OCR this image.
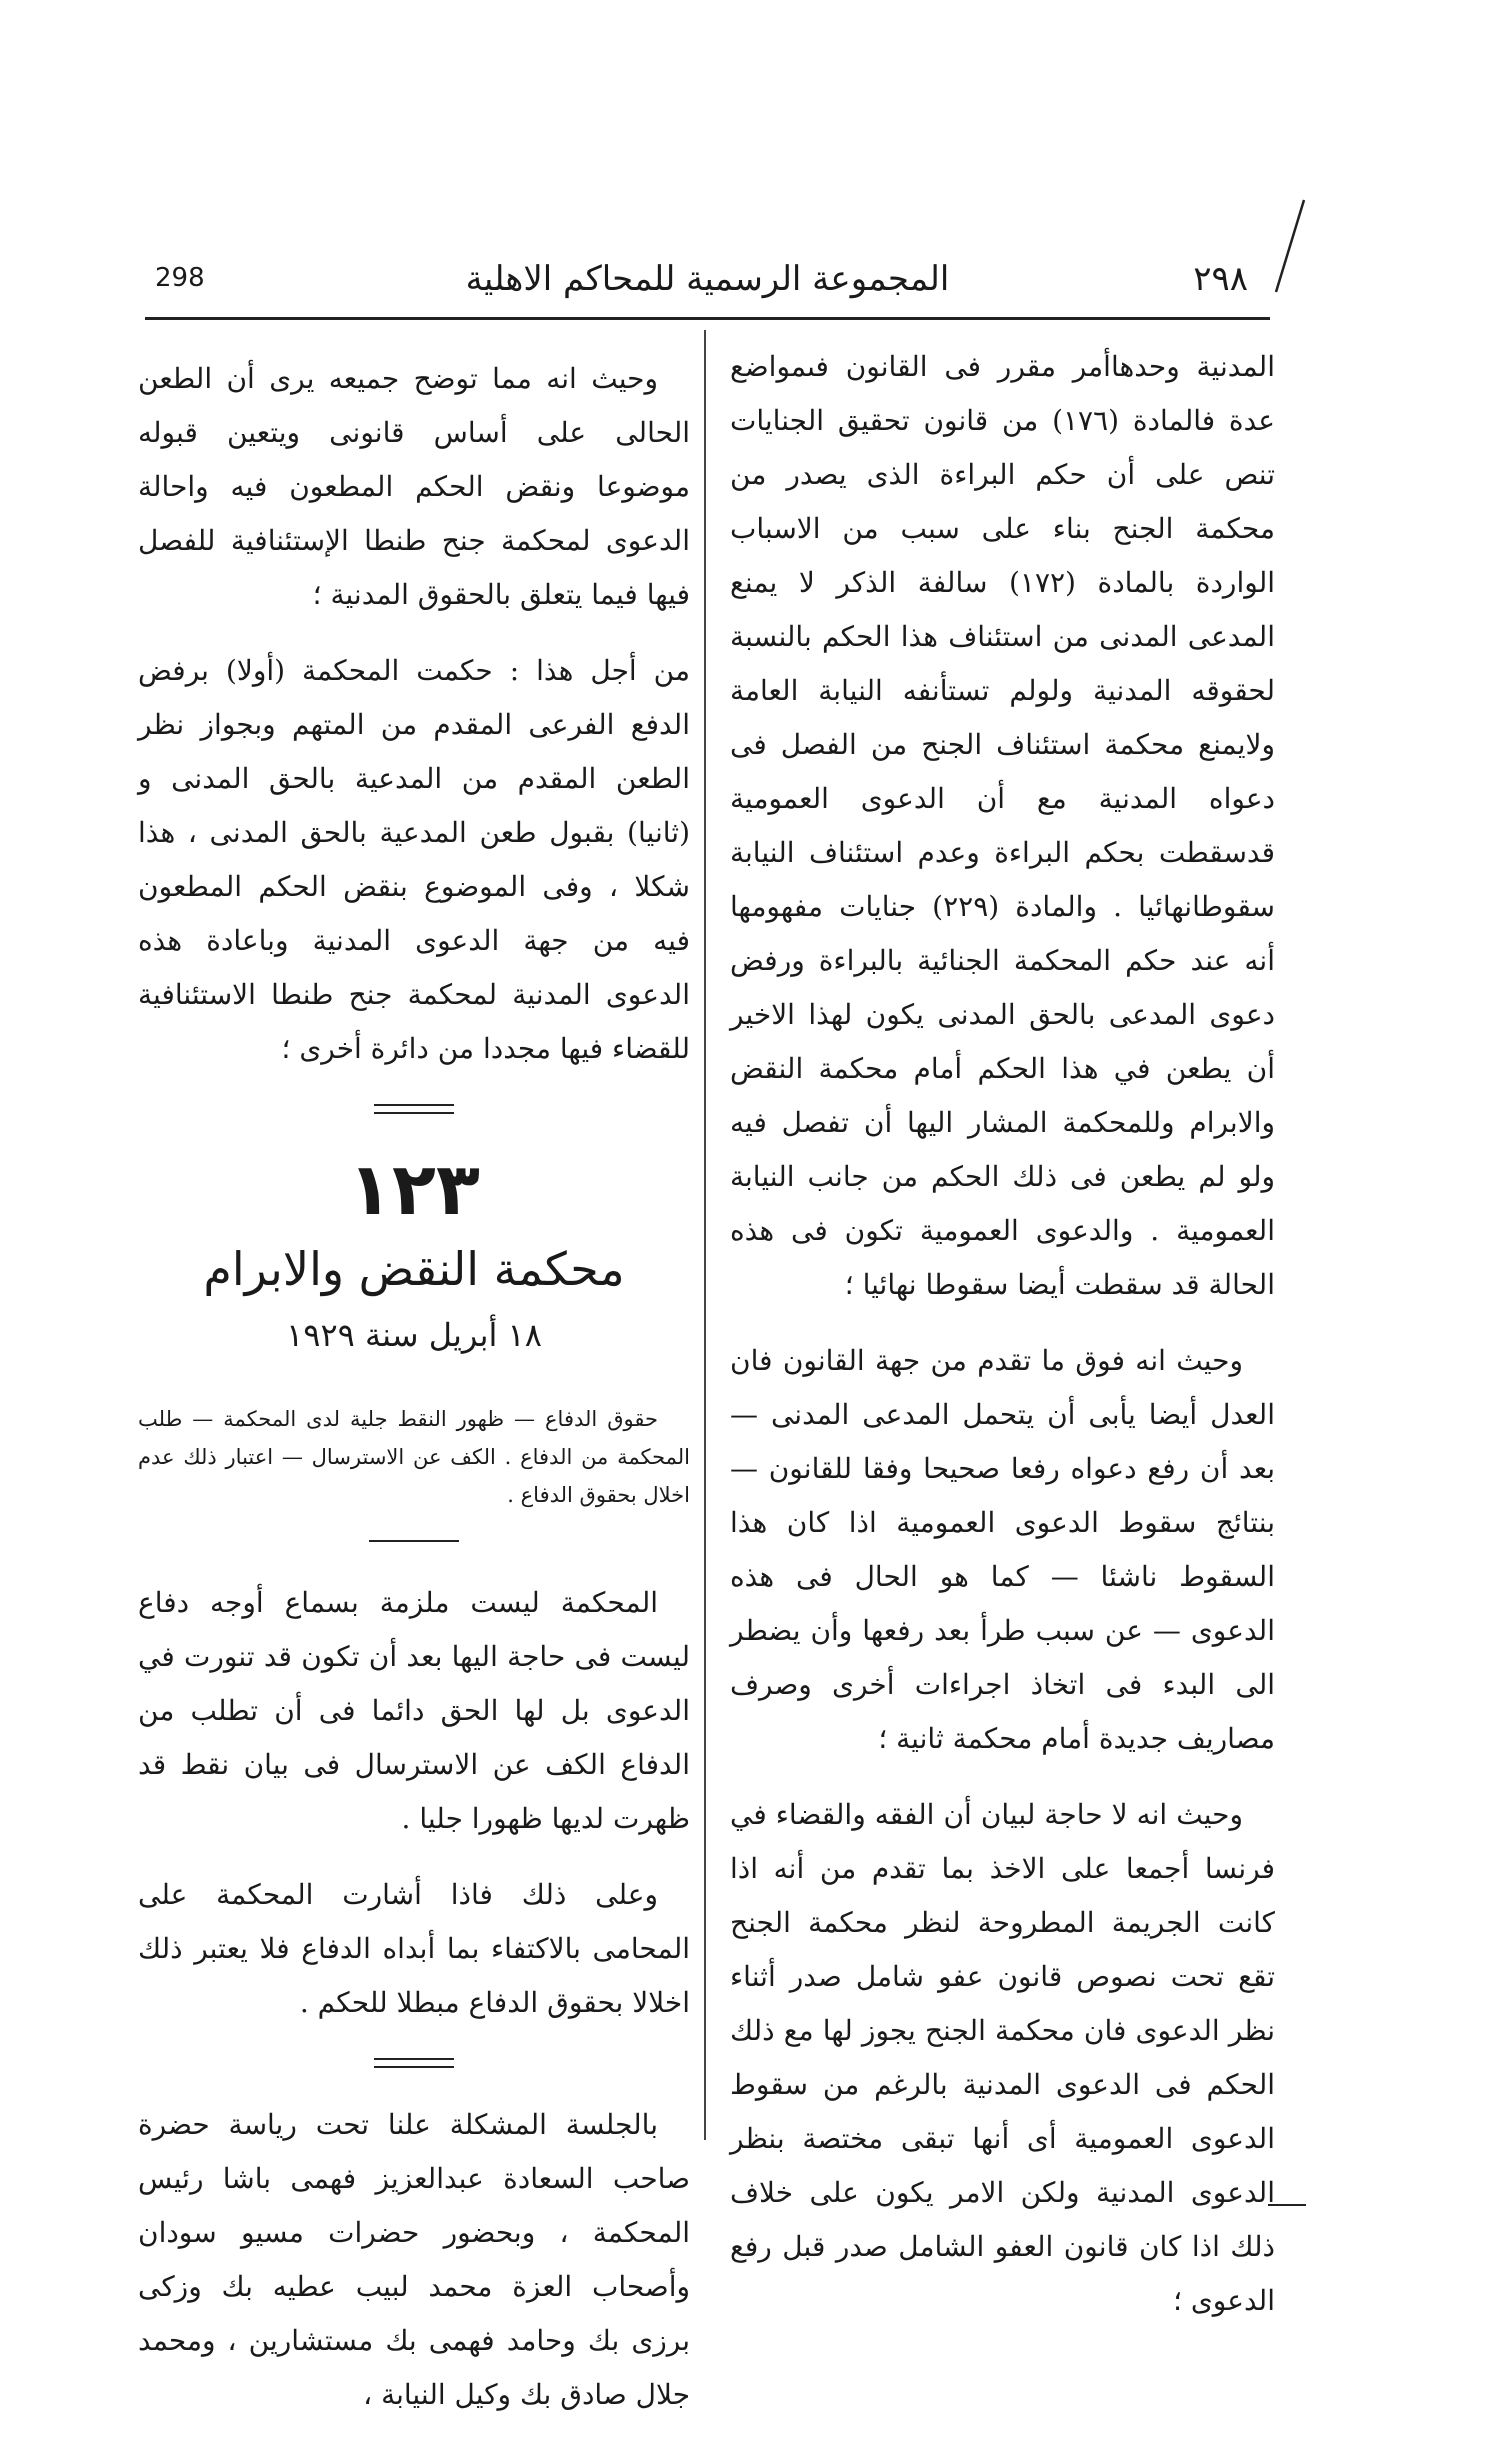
298	المجموعة الرسمية للمحاكم الاهلية	٢٩٨

المدنية وحدهاأمر مقرر فى القانون فىمواضع عدة فالمادة (١٧٦) من قانون تحقيق الجنايات تنص على أن حكم البراءة الذى يصدر من محكمة الجنح بناء على سبب من الاسباب الواردة بالمادة (١٧٢) سالفة الذكر لا يمنع المدعى المدنى من استئناف هذا الحكم بالنسبة لحقوقه المدنية ولولم تستأنفه النيابة العامة ولايمنع محكمة استئناف الجنح من الفصل فى دعواه المدنية مع أن الدعوى العمومية قدسقطت بحكم البراءة وعدم استئناف النيابة سقوطانهائيا . والمادة (٢٢٩) جنايات مفهومها أنه عند حكم المحكمة الجنائية بالبراءة ورفض دعوى المدعى بالحق المدنى يكون لهذا الاخير أن يطعن في هذا الحكم أمام محكمة النقض والابرام وللمحكمة المشار اليها أن تفصل فيه ولو لم يطعن فى ذلك الحكم من جانب النيابة العمومية . والدعوى العمومية تكون فى هذه الحالة قد سقطت أيضا سقوطا نهائيا ؛

وحيث انه فوق ما تقدم من جهة القانون فان العدل أيضا يأبى أن يتحمل المدعى المدنى — بعد أن رفع دعواه رفعا صحيحا وفقا للقانون — بنتائج سقوط الدعوى العمومية اذا كان هذا السقوط ناشئا — كما هو الحال فى هذه الدعوى — عن سبب طرأ بعد رفعها وأن يضطر الى البدء فى اتخاذ اجراءات أخرى وصرف مصاريف جديدة أمام محكمة ثانية ؛

وحيث انه لا حاجة لبيان أن الفقه والقضاء في فرنسا أجمعا على الاخذ بما تقدم من أنه اذا كانت الجريمة المطروحة لنظر محكمة الجنح تقع تحت نصوص قانون عفو شامل صدر أثناء نظر الدعوى فان محكمة الجنح يجوز لها مع ذلك الحكم فى الدعوى المدنية بالرغم من سقوط الدعوى العمومية أى أنها تبقى مختصة بنظر الدعوى المدنية ولكن الامر يكون على خلاف ذلك اذا كان قانون العفو الشامل صدر قبل رفع الدعوى ؛

وحيث انه مما توضح جميعه يرى أن الطعن الحالى على أساس قانونى ويتعين قبوله موضوعا ونقض الحكم المطعون فيه واحالة الدعوى لمحكمة جنح طنطا الإستئنافية للفصل فيها فيما يتعلق بالحقوق المدنية ؛

من أجل هذا : حكمت المحكمة (أولا) برفض الدفع الفرعى المقدم من المتهم وبجواز نظر الطعن المقدم من المدعية بالحق المدنى و (ثانيا) بقبول طعن المدعية بالحق المدنى ، هذا شكلا ، وفى الموضوع بنقض الحكم المطعون فيه من جهة الدعوى المدنية وباعادة هذه الدعوى المدنية لمحكمة جنح طنطا الاستئنافية للقضاء فيها مجددا من دائرة أخرى ؛

١٢٣
محكمة النقض والابرام
١٨ أبريل سنة ١٩٢٩

حقوق الدفاع — ظهور النقط جلية لدى المحكمة — طلب المحكمة من الدفاع . الكف عن الاسترسال — اعتبار ذلك عدم اخلال بحقوق الدفاع .

المحكمة ليست ملزمة بسماع أوجه دفاع ليست فى حاجة اليها بعد أن تكون قد تنورت في الدعوى بل لها الحق دائما فى أن تطلب من الدفاع الكف عن الاسترسال فى بيان نقط قد ظهرت لديها ظهورا جليا .

وعلى ذلك فاذا أشارت المحكمة على المحامى بالاكتفاء بما أبداه الدفاع فلا يعتبر ذلك اخلالا بحقوق الدفاع مبطلا للحكم .

بالجلسة المشكلة علنا تحت رياسة حضرة صاحب السعادة عبدالعزيز فهمى باشا رئيس المحكمة ، وبحضور حضرات مسيو سودان وأصحاب العزة محمد لبيب عطيه بك وزكى برزى بك وحامد فهمى بك مستشارين ، ومحمد جلال صادق بك وكيل النيابة ،
